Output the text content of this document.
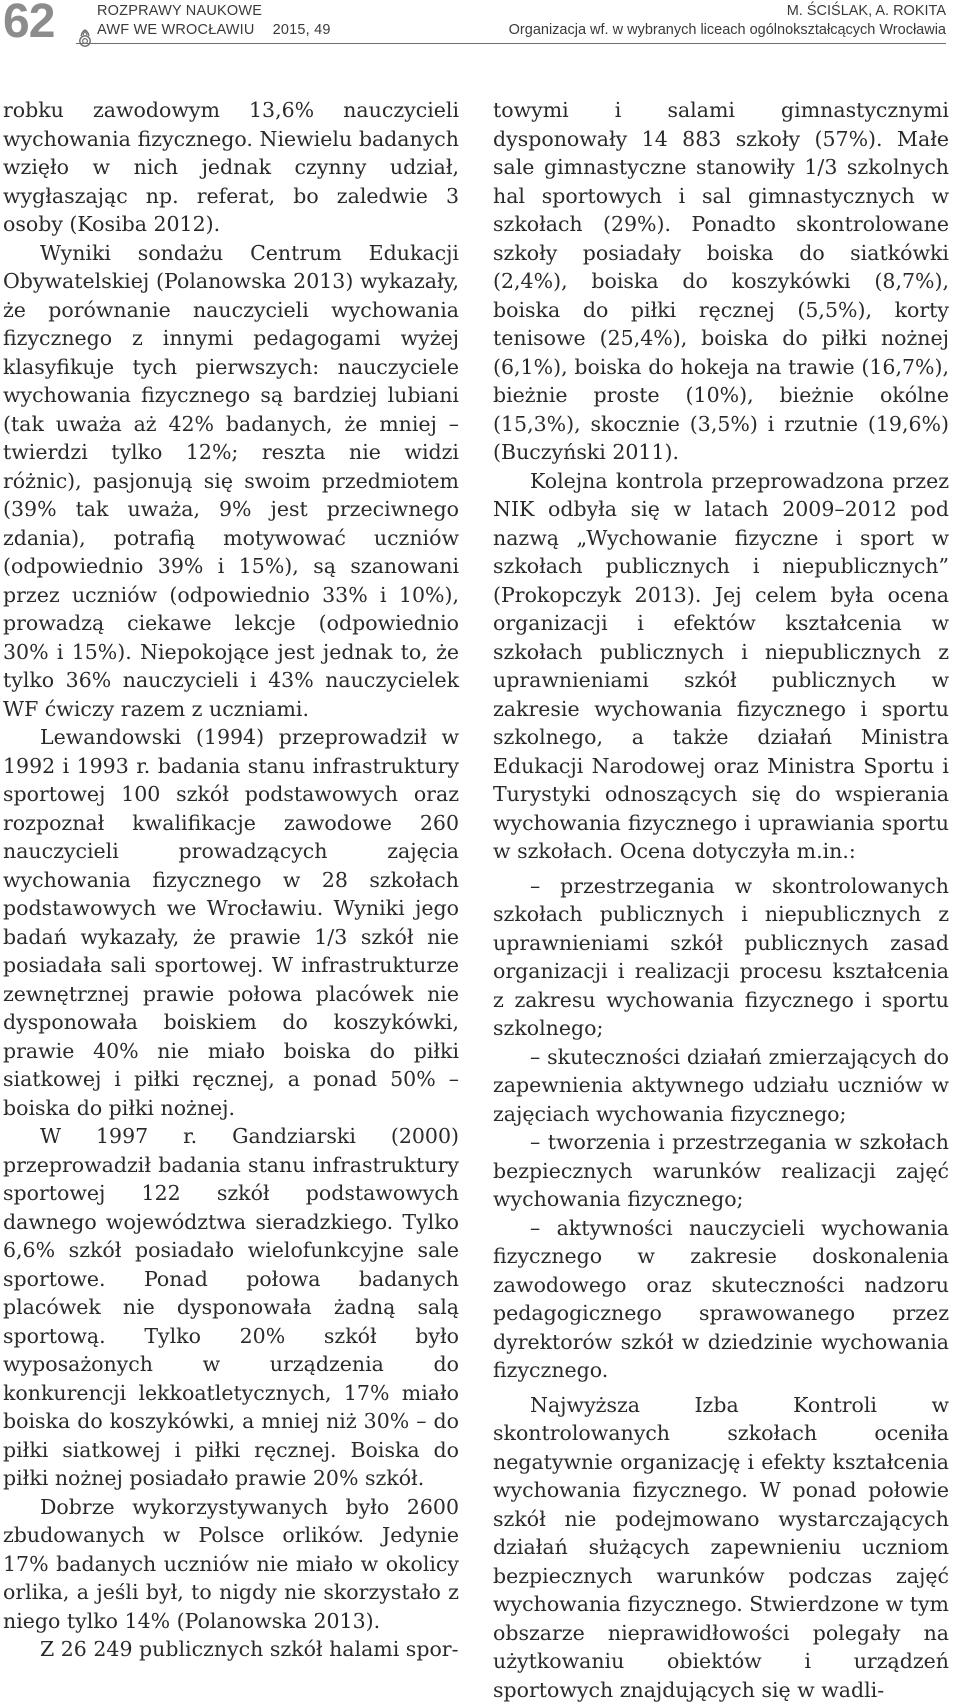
62	ROZPRAWY NAUKOWE
AWF WE WROCŁAWIU 2015, 49
M. ŚCIŚLAK, A. ROKITA
Organizacja wf. w wybranych liceach ogólnokształcących Wrocławia

robku zawodowym 13,6% nauczycieli wychowania fizycznego. Niewielu badanych wzięło w nich jednak czynny udział, wygłaszając np. referat, bo zaledwie 3 osoby (Kosiba 2012).

Wyniki sondażu Centrum Edukacji Obywatelskiej (Polanowska 2013) wykazały, że porównanie nauczycieli wychowania fizycznego z innymi pedagogami wyżej klasyfikuje tych pierwszych: nauczyciele wychowania fizycznego są bardziej lubiani (tak uważa aż 42% badanych, że mniej – twierdzi tylko 12%; reszta nie widzi różnic), pasjonują się swoim przedmiotem (39% tak uważa, 9% jest przeciwnego zdania), potrafią motywować uczniów (odpowiednio 39% i 15%), są szanowani przez uczniów (odpowiednio 33% i 10%), prowadzą ciekawe lekcje (odpowiednio 30% i 15%). Niepokojące jest jednak to, że tylko 36% nauczycieli i 43% nauczycielek WF ćwiczy razem z uczniami.

Lewandowski (1994) przeprowadził w 1992 i 1993 r. badania stanu infrastruktury sportowej 100 szkół podstawowych oraz rozpoznał kwalifikacje zawodowe 260 nauczycieli prowadzących zajęcia wychowania fizycznego w 28 szkołach podstawowych we Wrocławiu. Wyniki jego badań wykazały, że prawie 1/3 szkół nie posiadała sali sportowej. W infrastrukturze zewnętrznej prawie połowa placówek nie dysponowała boiskiem do koszykówki, prawie 40% nie miało boiska do piłki siatkowej i piłki ręcznej, a ponad 50% – boiska do piłki nożnej.

W 1997 r. Gandziarski (2000) przeprowadził badania stanu infrastruktury sportowej 122 szkół podstawowych dawnego województwa sieradzkiego. Tylko 6,6% szkół posiadało wielofunkcyjne sale sportowe. Ponad połowa badanych placówek nie dysponowała żadną salą sportową. Tylko 20% szkół było wyposażonych w urządzenia do konkurencji lekkoatletycznych, 17% miało boiska do koszykówki, a mniej niż 30% – do piłki siatkowej i piłki ręcznej. Boiska do piłki nożnej posiadało prawie 20% szkół.

Dobrze wykorzystywanych było 2600 zbudowanych w Polsce orlików. Jedynie 17% badanych uczniów nie miało w okolicy orlika, a jeśli był, to nigdy nie skorzystało z niego tylko 14% (Polanowska 2013).

Z 26 249 publicznych szkół halami spor-

towymi i salami gimnastycznymi dysponowały 14 883 szkoły (57%). Małe sale gimnastyczne stanowiły 1/3 szkolnych hal sportowych i sal gimnastycznych w szkołach (29%). Ponadto skontrolowane szkoły posiadały boiska do siatkówki (2,4%), boiska do koszykówki (8,7%), boiska do piłki ręcznej (5,5%), korty tenisowe (25,4%), boiska do piłki nożnej (6,1%), boiska do hokeja na trawie (16,7%), bieżnie proste (10%), bieżnie okólne (15,3%), skocznie (3,5%) i rzutnie (19,6%) (Buczyński 2011).

Kolejna kontrola przeprowadzona przez NIK odbyła się w latach 2009–2012 pod nazwą „Wychowanie fizyczne i sport w szkołach publicznych i niepublicznych” (Prokopczyk 2013). Jej celem była ocena organizacji i efektów kształcenia w szkołach publicznych i niepublicznych z uprawnieniami szkół publicznych w zakresie wychowania fizycznego i sportu szkolnego, a także działań Ministra Edukacji Narodowej oraz Ministra Sportu i Turystyki odnoszących się do wspierania wychowania fizycznego i uprawiania sportu w szkołach. Ocena dotyczyła m.in.:

– przestrzegania w skontrolowanych szkołach publicznych i niepublicznych z uprawnieniami szkół publicznych zasad organizacji i realizacji procesu kształcenia z zakresu wychowania fizycznego i sportu szkolnego;

– skuteczności działań zmierzających do zapewnienia aktywnego udziału uczniów w zajęciach wychowania fizycznego;

– tworzenia i przestrzegania w szkołach bezpiecznych warunków realizacji zajęć wychowania fizycznego;

– aktywności nauczycieli wychowania fizycznego w zakresie doskonalenia zawodowego oraz skuteczności nadzoru pedagogicznego sprawowanego przez dyrektorów szkół w dziedzinie wychowania fizycznego.

Najwyższa Izba Kontroli w skontrolowanych szkołach oceniła negatywnie organizację i efekty kształcenia wychowania fizycznego. W ponad połowie szkół nie podejmowano wystarczających działań służących zapewnieniu uczniom bezpiecznych warunków podczas zajęć wychowania fizycznego. Stwierdzone w tym obszarze nieprawidłowości polegały na użytkowaniu obiektów i urządzeń sportowych znajdujących się w wadli-
